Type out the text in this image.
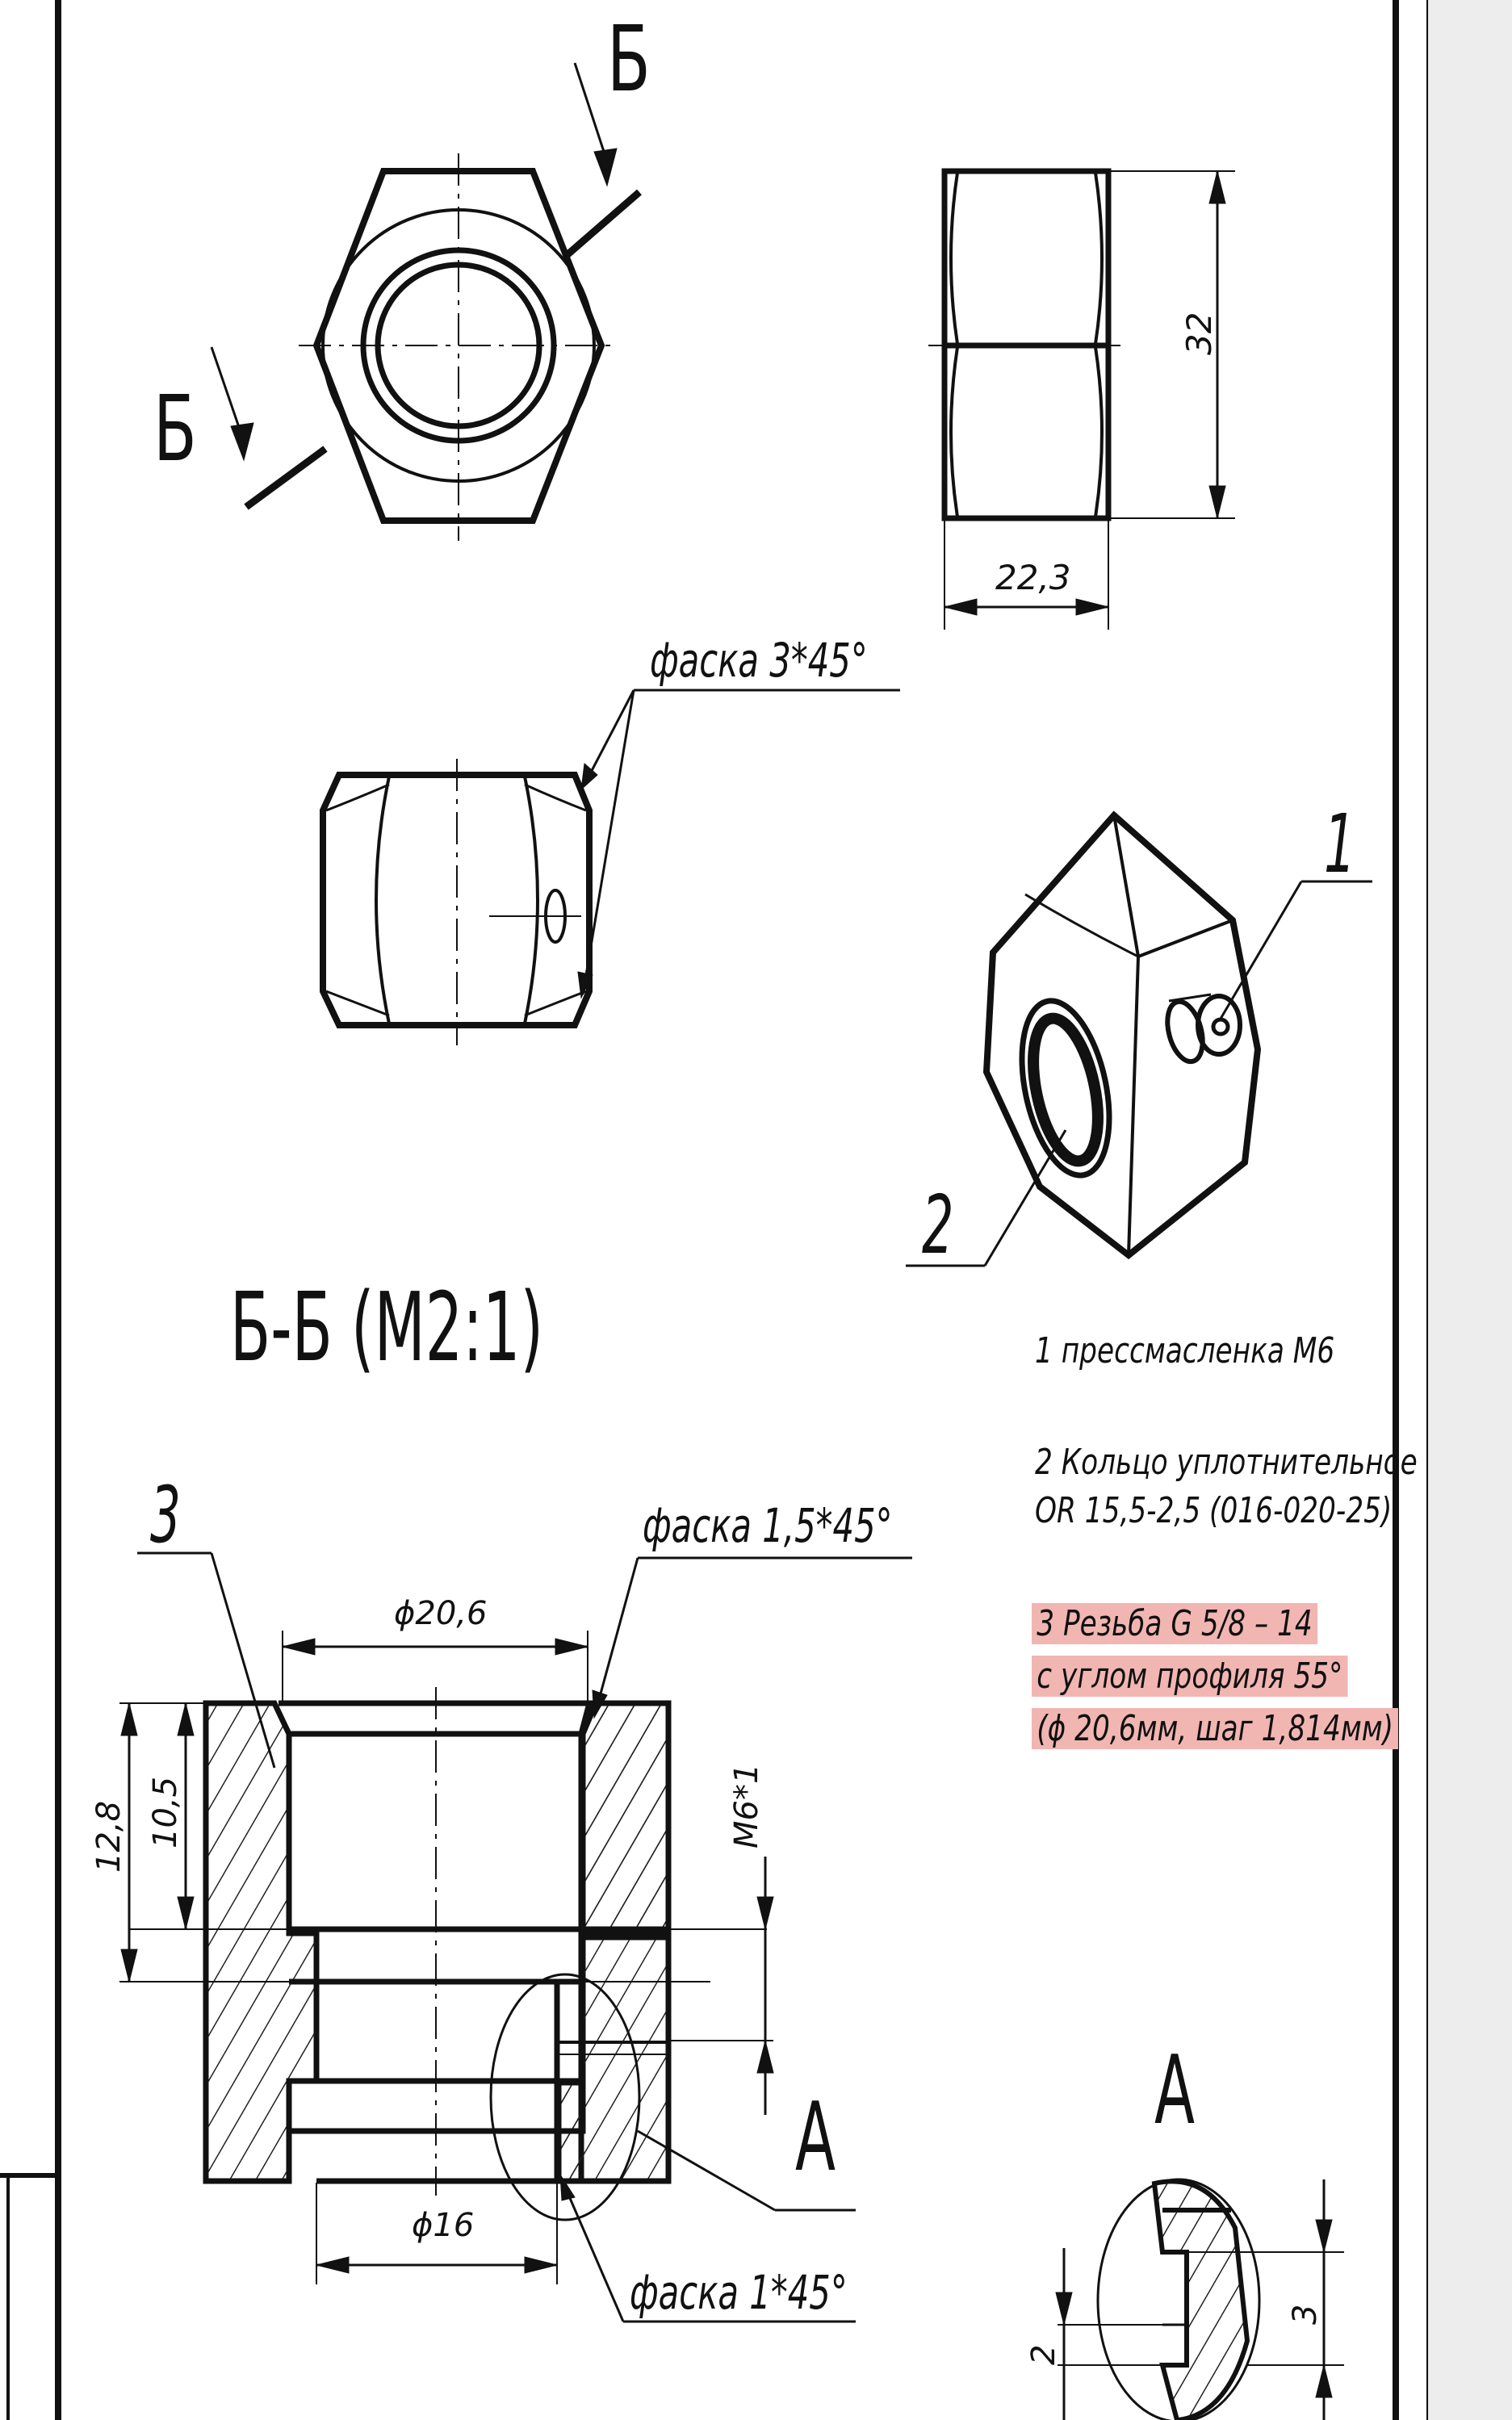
Б
Б
32
22,3
фаска 3*45°
1
2
ϕ20,6
ϕ16
12,8 10,5	М6*1
3	фаска 1,5*45°
фаска 1*45°
А	А
3
2
Б-Б (М2:1)	1 прессмасленка М6
2 Кольцо уплотнительное
OR 15,5-2,5 (016-020-25)
3 Резьба G 5/8 – 14
с углом профиля 55°
(ϕ 20,6мм, шаг 1,814мм)
